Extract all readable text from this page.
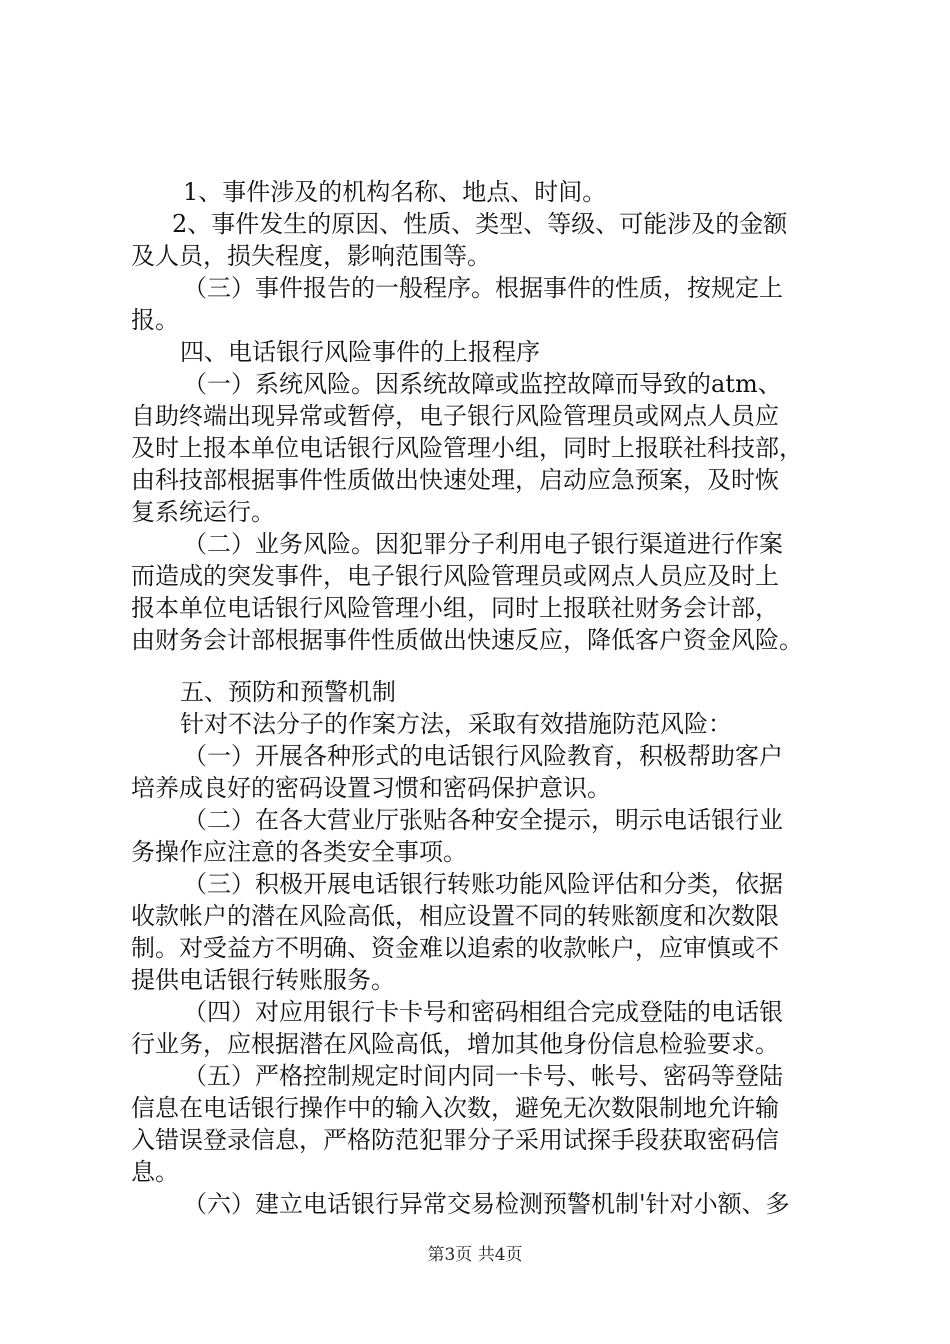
1、事件涉及的机构名称、地点、时间。
2、事件发生的原因、性质、类型、等级、可能涉及的金额
及人员，损失程度，影响范围等。
（三）事件报告的一般程序。根据事件的性质，按规定上
报。
四、电话银行风险事件的上报程序
（一）系统风险。因系统故障或监控故障而导致的atm、
自助终端出现异常或暂停，电子银行风险管理员或网点人员应
及时上报本单位电话银行风险管理小组，同时上报联社科技部，
由科技部根据事件性质做出快速处理，启动应急预案，及时恢
复系统运行。
（二）业务风险。因犯罪分子利用电子银行渠道进行作案
而造成的突发事件，电子银行风险管理员或网点人员应及时上
报本单位电话银行风险管理小组，同时上报联社财务会计部，
由财务会计部根据事件性质做出快速反应，降低客户资金风险。
五、预防和预警机制
针对不法分子的作案方法，采取有效措施防范风险：
（一）开展各种形式的电话银行风险教育，积极帮助客户
培养成良好的密码设置习惯和密码保护意识。
（二）在各大营业厅张贴各种安全提示，明示电话银行业
务操作应注意的各类安全事项。
（三）积极开展电话银行转账功能风险评估和分类，依据
收款帐户的潜在风险高低，相应设置不同的转账额度和次数限
制。对受益方不明确、资金难以追索的收款帐户，应审慎或不
提供电话银行转账服务。
（四）对应用银行卡卡号和密码相组合完成登陆的电话银
行业务，应根据潜在风险高低，增加其他身份信息检验要求。
（五）严格控制规定时间内同一卡号、帐号、密码等登陆
信息在电话银行操作中的输入次数，避免无次数限制地允许输
入错误登录信息，严格防范犯罪分子采用试探手段获取密码信
息。
（六）建立电话银行异常交易检测预警机制'针对小额、多
第3页 共4页
